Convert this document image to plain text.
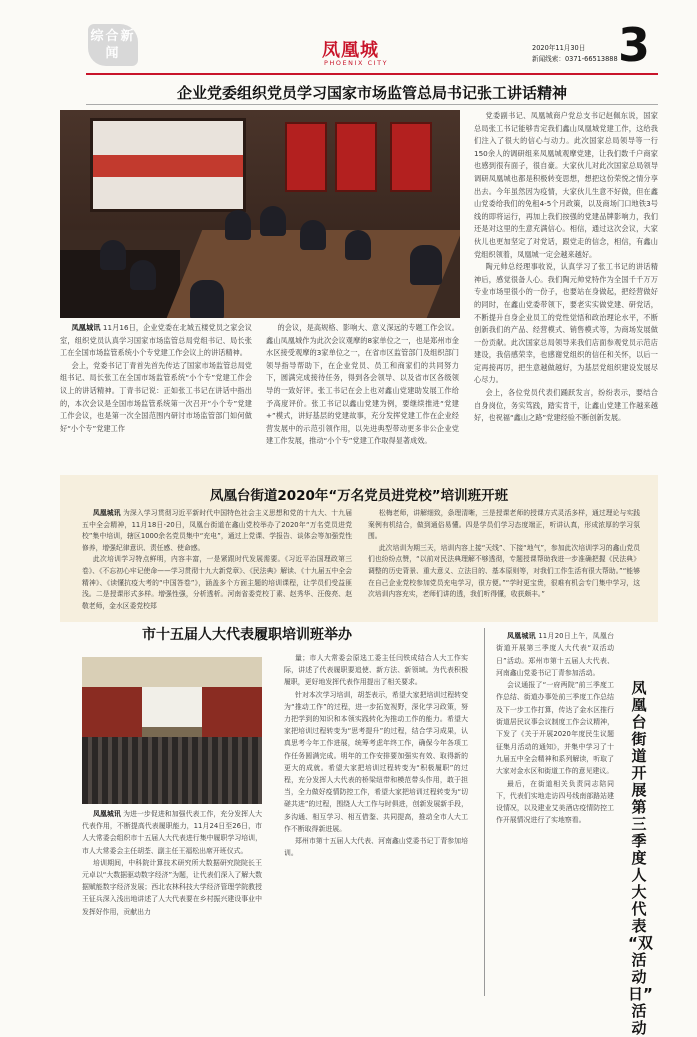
综合新闻	凤凰城
PHOENIX CITY
2020年11月30日
新闻线索：0371-66513888 3
企业党委组织党员学习国家市场监管总局书记张工讲话精神

凤凰城讯 11月16日，企业党委在北城五楼党员之家会议室，组织党员认真学习国家市场监管总局党组书记、局长张工在全国市场监管系统小个专党建工作会议上的讲话精神。

会上，党委书记丁青首先首先传达了国家市场监管总局党组书记、局长张工在全国市场监管系统“小个专”党建工作会议上的讲话精神。丁青书记说：正如张工书记在讲话中指出的，本次会议是全国市场监管系统第一次召开“小个专”党建工作会议，也是第一次全国范围内研讨市场监管部门如何做好“小个专”党建工作

的会议，是高规格、影响大、意义深远的专题工作会议。鑫山凤凰城作为此次会议观摩的8家单位之一，也是郑州市金水区接受观摩的3家单位之一，在省市区监管部门及组织部门领导指导帮助下，在企业党员、员工和商家们的共同努力下，圆满完成接待任务，得到各会领导、以及省市区各级领导的一致好评。张工书记在会上也对鑫山党建助发展工作给予高度评价。张工书记以鑫山党建为例，要继续推进“党建+”模式，讲好基层的党建故事，充分发挥党建工作在企业经营发展中的示范引领作用，以先进典型带动更多非公企业党建工作发展，推动“小个专”党建工作取得显著成效。

党委副书记、凤凰城商户党总支书记赵佩东说，国家总局张工书记能够肯定我们鑫山凤凰城党建工作，这给我们注入了很大的信心与动力。此次国家总局领导等一行150余人的调研组来凤凰城观摩党建，让我们数千户商家也感到很有面子，很自豪。大家伙儿对此次国家总局领导调研凤凰城也都是积极转变思想，想把这份荣悦之情分享出去。今年虽然因为疫情，大家伙儿生意不好做，但在鑫山党委给我们的免租4-5个月政策，以及商场门口地铁3号线的即将运行，再加上我们按强的党建品牌影响力，我们还是对这里的生意充满信心。相信，通过这次会议，大家伙儿也更加坚定了对党话，跟党走的信念，相信，有鑫山党组织领着，凤凰城一定会越来越好。

陶元帅总经理事收说，认真学习了张工书记的讲话精神后，感觉很备人心。我们陶元帅党特作为全国千千万万专业市场里很小的一份子，也要站在身做起，把经营做好的同时，在鑫山党委带领下，要老实实做党建、研党话，不断提升自身企业员工的党性觉悟和政治理论水平，不断创新我们的产品、经营模式、销售模式等，为商场发展做一份贡献。此次国家总局领导来我们店面参观党员示范店建设，我倍感荣幸，也感谢党组织的信任和关怀，以后一定再接再厉，把生意越做越好，为基层党组织建设发展尽心尽力。

会上，各位党员代表们踊跃发言，纷纷表示，要结合自身岗位，务实笃践，踏实肯干，让鑫山党建工作越来越好，也祝福“鑫山之路”党建经验不断创新发展。

凤凰台街道2020年“万名党员进党校”培训班开班

凤凰城讯 为深入学习贯彻习近平新时代中国特色社会主义思想和党的十九大、十九届五中全会精神，11月18日-20日，凤凰台街道在鑫山党校举办了2020年“万名党员进党校”集中培训，辖区1000余名党员集中“充电”，通过上党课、学报告、谈体会等加强党性修养，增强纪律意识、责任感、使命感。

此次培训学习特点鲜明，内容丰富，一是紧跟时代发展需要。《习近平治国理政第三卷》、《不忘初心牢记使命——学习贯彻十九大新党章》、《民法典》解读、《十九届五中全会精神》、《读懂抗疫大考的“中国答卷”》，涵盖多个方面主题的培训课程，让学员们受益匪浅。二是授课形式多样。增强性强，分析透析。河南省委党校丁素、赵秀华、汪俊亮、赵敬老师，金水区委党校郑

松梅老师，讲解细致，条理清晰，三是授课老师的授课方式灵活多样，通过理论与实践案例有机结合，做到通俗易懂。四是学员们学习态度端正，听讲认真，形成浓厚的学习氛围。

此次培训为期三天，培训内容上接“天线”、下接“地气”，参加此次培训学习的鑫山党员们也纷纷点赞，“以前对民法典理解不够透彻，专题授课帮助我进一步准确把握《民法典》调整的历史背景、重大意义、立法目的、基本原则等，对我们工作生活有很大帮助。”“能够在自己企业党校参加党员充电学习，很方便。”“学时更宝贵，很难有机会专门集中学习，这次培训内容充实，老师们讲的透，我们听得懂，收获颇丰。”

市十五届人大代表履职培训班举办

凤凰城讯 为进一步促进和加强代表工作，充分发挥人大代表作用，不断提高代表履职能力，11月24日至26日，市人大常委会组织市十五届人大代表进行集中履职学习培训，市人大常委会主任胡荃、副主任王福松出席开班仪式。

培训期间，中科院计算技术研究所大数据研究院院长王元卓以“大数据驱动数字经济”为题，让代表们深入了解大数据赋能数字经济发展；西北农林科技大学经济管理学院教授王征兵深入浅出地讲述了人大代表要在乡村振兴建设事业中发挥好作用，贡献出力

量；市人大常委会原选工委主任闫铁成结合人大工作实际，讲述了代表履职要追使、新方法、新领域。为代表积极履职，更好地发挥代表作用提出了相关要求。

针对本次学习培训，胡荃表示，希望大家把培训过程转变为“推动工作”的过程，进一步拓宽视野，深化学习政策，努力把学到的知识和本领实践转化为推动工作的能力。希望大家把培训过程转变为“思考提升”的过程，结合学习成果，认真思考今年工作进展，统筹考虑年终工作，确保今年各项工作任务圆满完成。明年的工作安排要加强实有效、取得新的更大的成就。希望大家把培训过程转变为“积极履职”的过程，充分发挥人大代表的桥梁纽带和模范带头作用，敢于担当，全力做好疫情防控工作，希望大家把培训过程转变为“切磋共进”的过程，围绕人大工作与时俱进，创新发展新手段，多沟通、相互学习、相互借鉴、共同提高，推动全市人大工作不断取得新进展。

郑州市第十五届人大代表、河南鑫山党委书记丁青参加培训。

凤凰城讯 11月20日上午，凤凰台街道开展第三季度人大代表“双活动日”活动。郑州市第十五届人大代表、河南鑫山党委书记丁青参加活动。

会议通报了“一府两院”前三季度工作总结、街道办事处前三季度工作总结及下一步工作打算，传达了金水区推行街道居民议事会议制度工作会议精神，下发了《关于开展2020年度民生议题征集月活动的通知》，并集中学习了十九届五中全会精神和系列解读，听取了大家对金水区和街道工作的意见建议。

最后，在街道相关负责同志陪同下，代表们实地走访四号线南部路站建设情况，以及建业艾美酒店疫情防控工作开展情况进行了实地察看。

凤凰台街道开展第三季度人大代表
“双活动日”
活动
